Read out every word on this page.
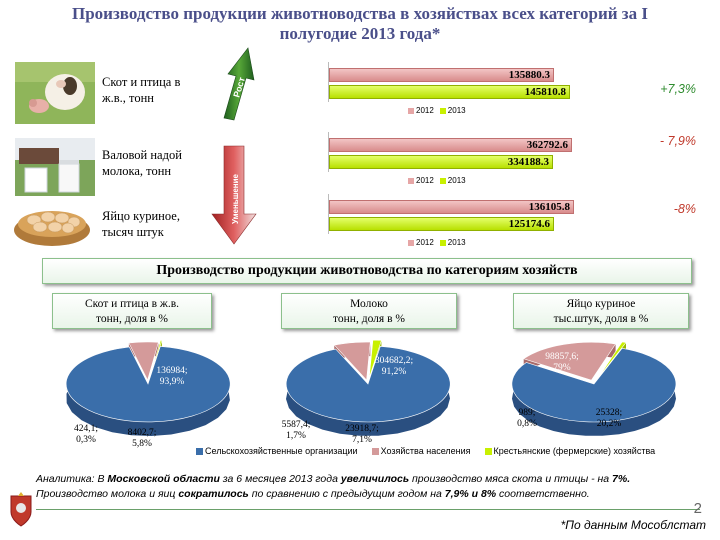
Производство продукции животноводства в хозяйствах всех категорий за I полугодие 2013 года*
Скот и птица в
ж.в., тонн
Валовой надой
молока, тонн
Яйцо куриное,
тысяч штук
Рост
Уменьшение
135880.3
145810.8
2012	2013
362792.6
334188.3
2012	2013
136105.8
125174.6
2012	2013
+7,3%
- 7,9%
-8%
Производство продукции животноводства по категориям хозяйств
Скот и птица в ж.в.
тонн, доля в %
Молоко
тонн, доля в %
Яйцо куриное
тыс.штук, доля в %
136984;
93,9%
8402,7;
5,8%
424,1;
0,3%
304682,2;
91,2%
23918,7;
7,1%
5587,4;
1,7%
98857,6;
79%
25328;
20,2%
989;
0,8%
Сельскохозяйственные организации	Хозяйства населения	Крестьянские (фермерские) хозяйства
Аналитика: В Московской области за 6 месяцев 2013 года увеличилось производство мяса скота и птицы - на 7%.
Производство молока и яиц сократилось по сравнению с предыдущим годом на 7,9% и 8% соответственно.
2
*По данным Мособлстат
